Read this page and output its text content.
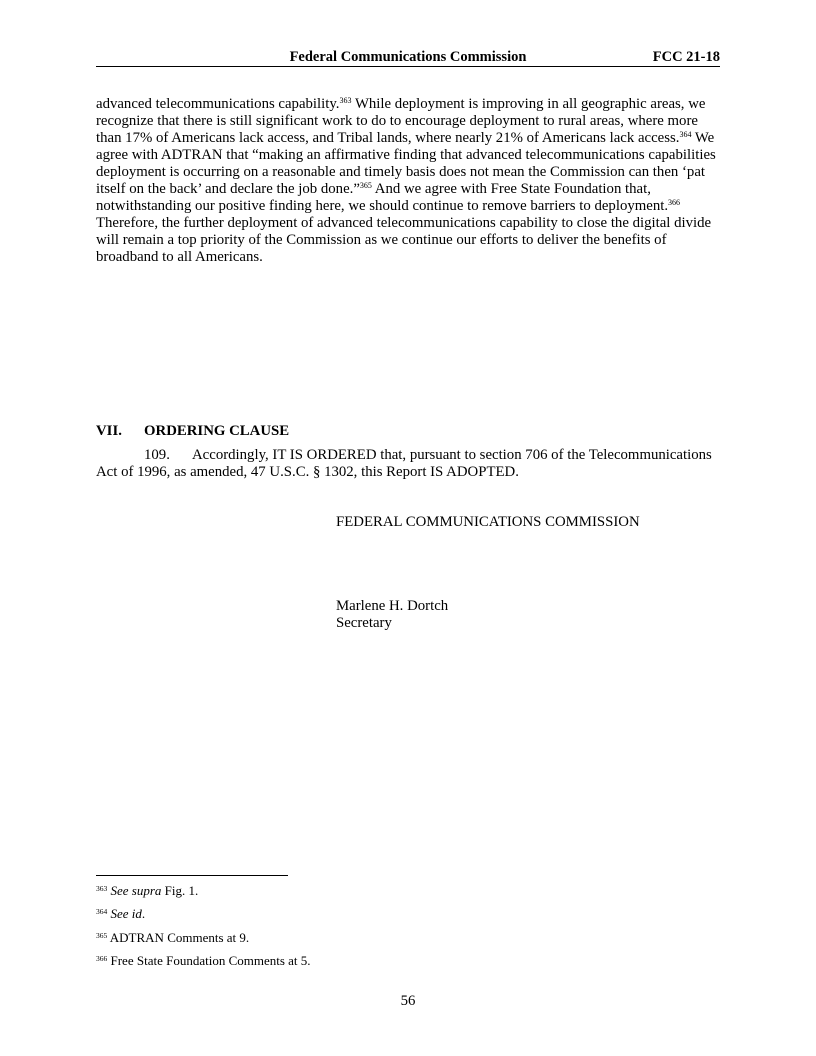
Federal Communications Commission	FCC 21-18
advanced telecommunications capability.$^{363}$ While deployment is improving in all geographic areas, we recognize that there is still significant work to do to encourage deployment to rural areas, where more than 17% of Americans lack access, and Tribal lands, where nearly 21% of Americans lack access.$^{364}$ We agree with ADTRAN that “making an affirmative finding that advanced telecommunications capabilities deployment is occurring on a reasonable and timely basis does not mean the Commission can then ‘pat itself on the back’ and declare the job done.”$^{365}$ And we agree with Free State Foundation that, notwithstanding our positive finding here, we should continue to remove barriers to deployment.$^{366}$ Therefore, the further deployment of advanced telecommunications capability to close the digital divide will remain a top priority of the Commission as we continue our efforts to deliver the benefits of broadband to all Americans.
VII. ORDERING CLAUSE
109. Accordingly, IT IS ORDERED that, pursuant to section 706 of the Telecommunications Act of 1996, as amended, 47 U.S.C. § 1302, this Report IS ADOPTED.
FEDERAL COMMUNICATIONS COMMISSION
Marlene H. Dortch
Secretary
$^{363}$ See supra Fig. 1.
$^{364}$ See id.
$^{365}$ ADTRAN Comments at 9.
$^{366}$ Free State Foundation Comments at 5.
56
